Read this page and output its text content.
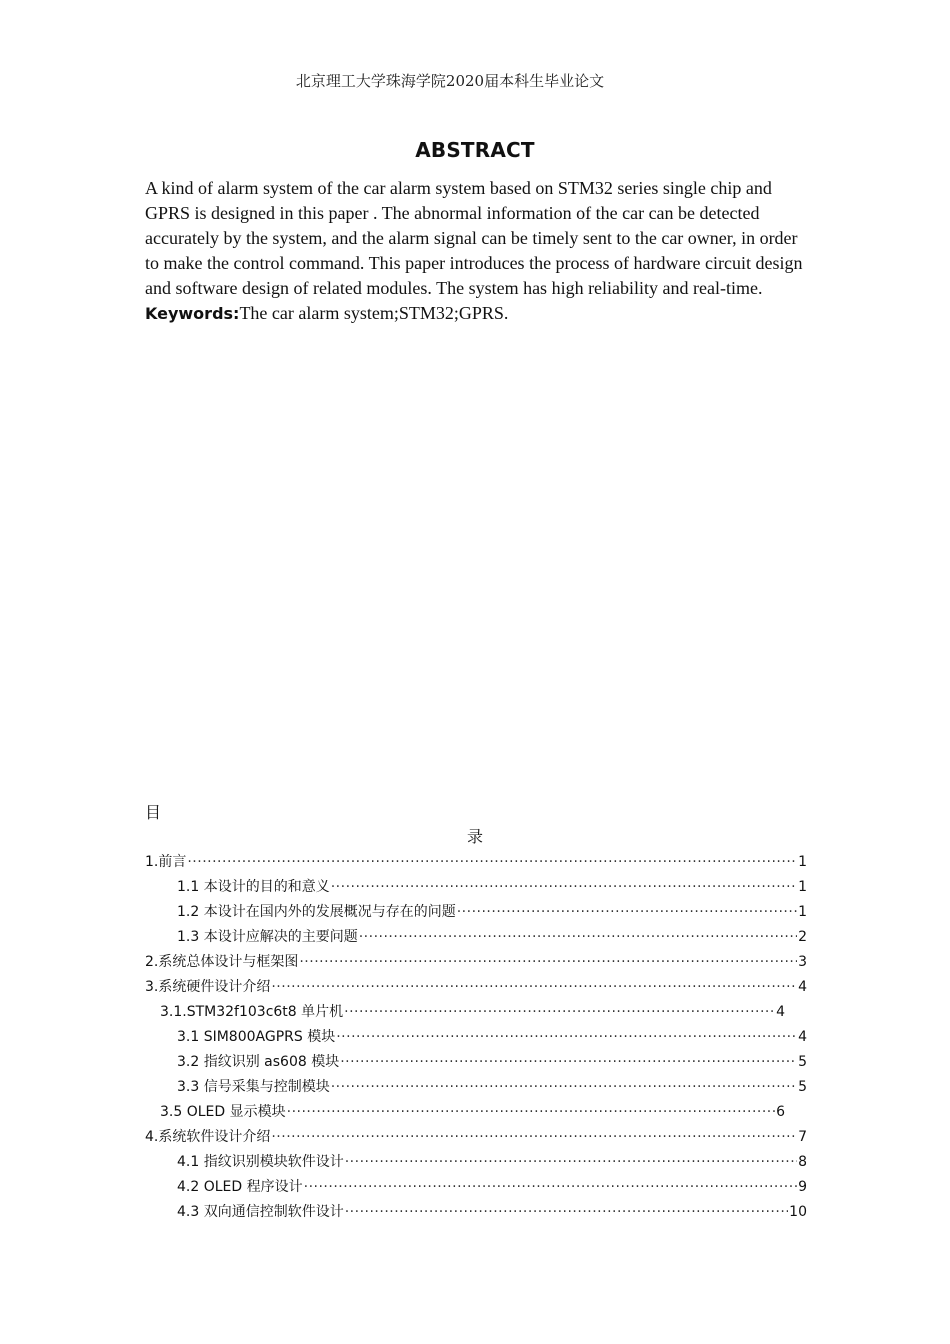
北京理工大学珠海学院2020届本科生毕业论文
ABSTRACT

A kind of alarm system of the car alarm system based on STM32 series single chip and GPRS is designed in this paper . The abnormal information of the car can be detected accurately by the system, and the alarm signal can be timely sent to the car owner, in order to make the control command. This paper introduces the process of hardware circuit design and software design of related modules. The system has high reliability and real-time.

Keywords:The car alarm system;STM32;GPRS.

目
录
1.前言 .....	1
1.1 本设计的目的和意义 .....	1
1.2 本设计在国内外的发展概况与存在的问题 .....	1
1.3 本设计应解决的主要问题 .....	2
2.系统总体设计与框架图 .....	3
3.系统硬件设计介绍 .....	4
3.1.STM32f103c6t8 单片机 .....	4
3.1 SIM800AGPRS 模块 .....	4
3.2 指纹识别 as608 模块 .....	5
3.3 信号采集与控制模块 .....	5
3.5 OLED 显示模块 .....	6
4.系统软件设计介绍 .....	7
4.1 指纹识别模块软件设计 .....	8
4.2 OLED 程序设计 .....	9
4.3 双向通信控制软件设计 .....	10
